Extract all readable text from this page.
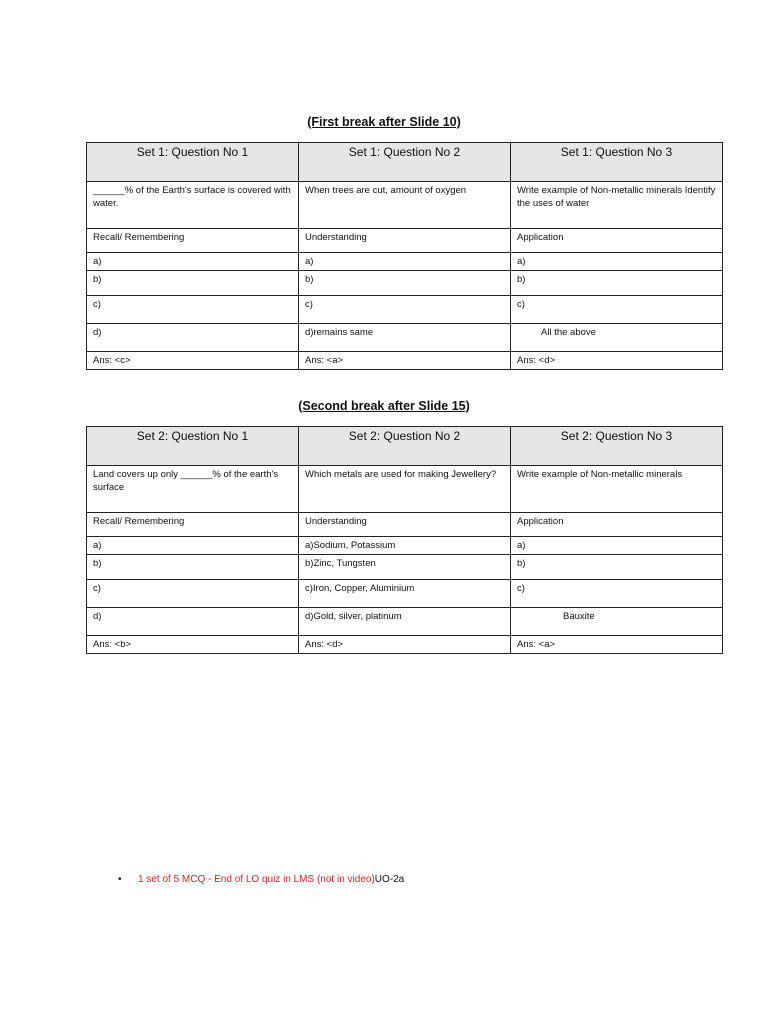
(First break after Slide 10)
Set 1: Question No 1	Set 1: Question No 2	Set 1: Question No 3
______% of the Earth's surface is covered with water.	When trees are cut, amount of oxygen	Write example of Non-metallic minerals Identify the uses of water
Recall/ Remembering	Understanding	Application
a)	a)	a)
b)	b)	b)
c)	c)	c)
d)	d)remains same	All the above
Ans: <c>	Ans: <a>	Ans: <d>
(Second break after Slide 15)
Set 2: Question No 1	Set 2: Question No 2	Set 2: Question No 3
Land covers up only ______% of the earth's surface	Which metals are used for making Jewellery?	Write example of Non-metallic minerals
Recall/ Remembering	Understanding	Application
a)	a)Sodium, Potassium	a)
b)	b)Zinc, Tungsten	b)
c)	c)Iron, Copper, Aluminium	c)
d)	d)Gold, silver, platinum	Bauxite
Ans: <b>	Ans: <d>	Ans: <a>
• 1 set of 5 MCQ - End of LO quiz in LMS (not in video)UO-2a
